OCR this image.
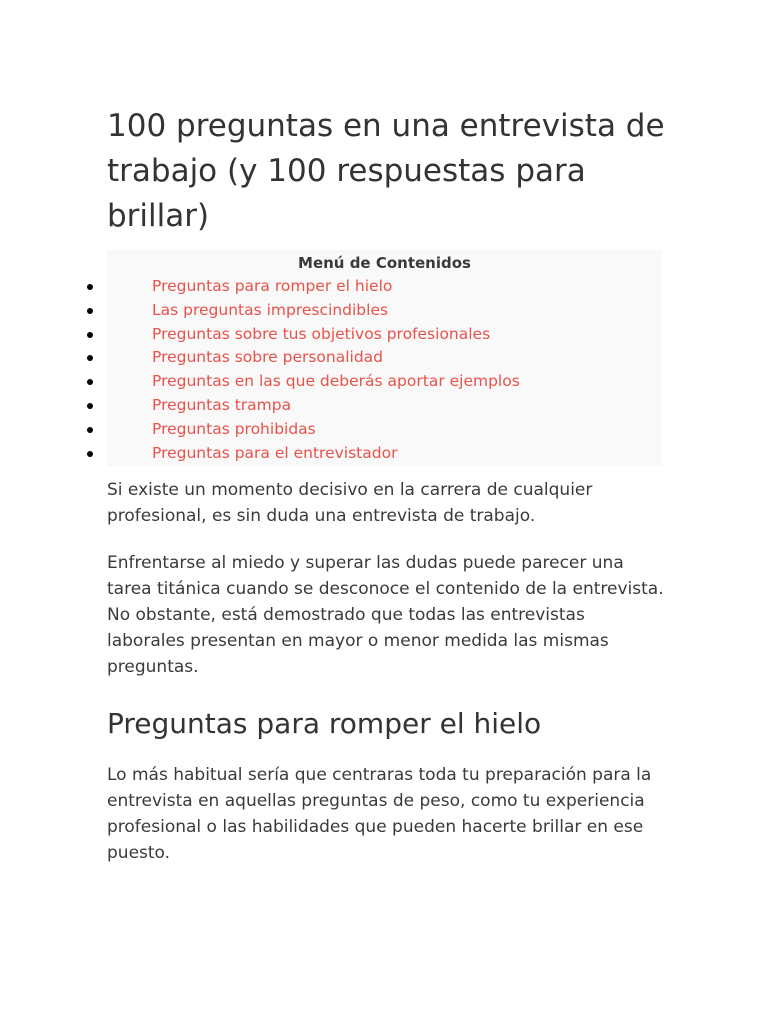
100 preguntas en una entrevista de trabajo (y 100 respuestas para brillar)
Menú de Contenidos
Preguntas para romper el hielo
Las preguntas imprescindibles
Preguntas sobre tus objetivos profesionales
Preguntas sobre personalidad
Preguntas en las que deberás aportar ejemplos
Preguntas trampa
Preguntas prohibidas
Preguntas para el entrevistador

Si existe un momento decisivo en la carrera de cualquier profesional, es sin duda una entrevista de trabajo.

Enfrentarse al miedo y superar las dudas puede parecer una tarea titánica cuando se desconoce el contenido de la entrevista. No obstante, está demostrado que todas las entrevistas laborales presentan en mayor o menor medida las mismas preguntas.

Preguntas para romper el hielo

Lo más habitual sería que centraras toda tu preparación para la entrevista en aquellas preguntas de peso, como tu experiencia profesional o las habilidades que pueden hacerte brillar en ese puesto.
